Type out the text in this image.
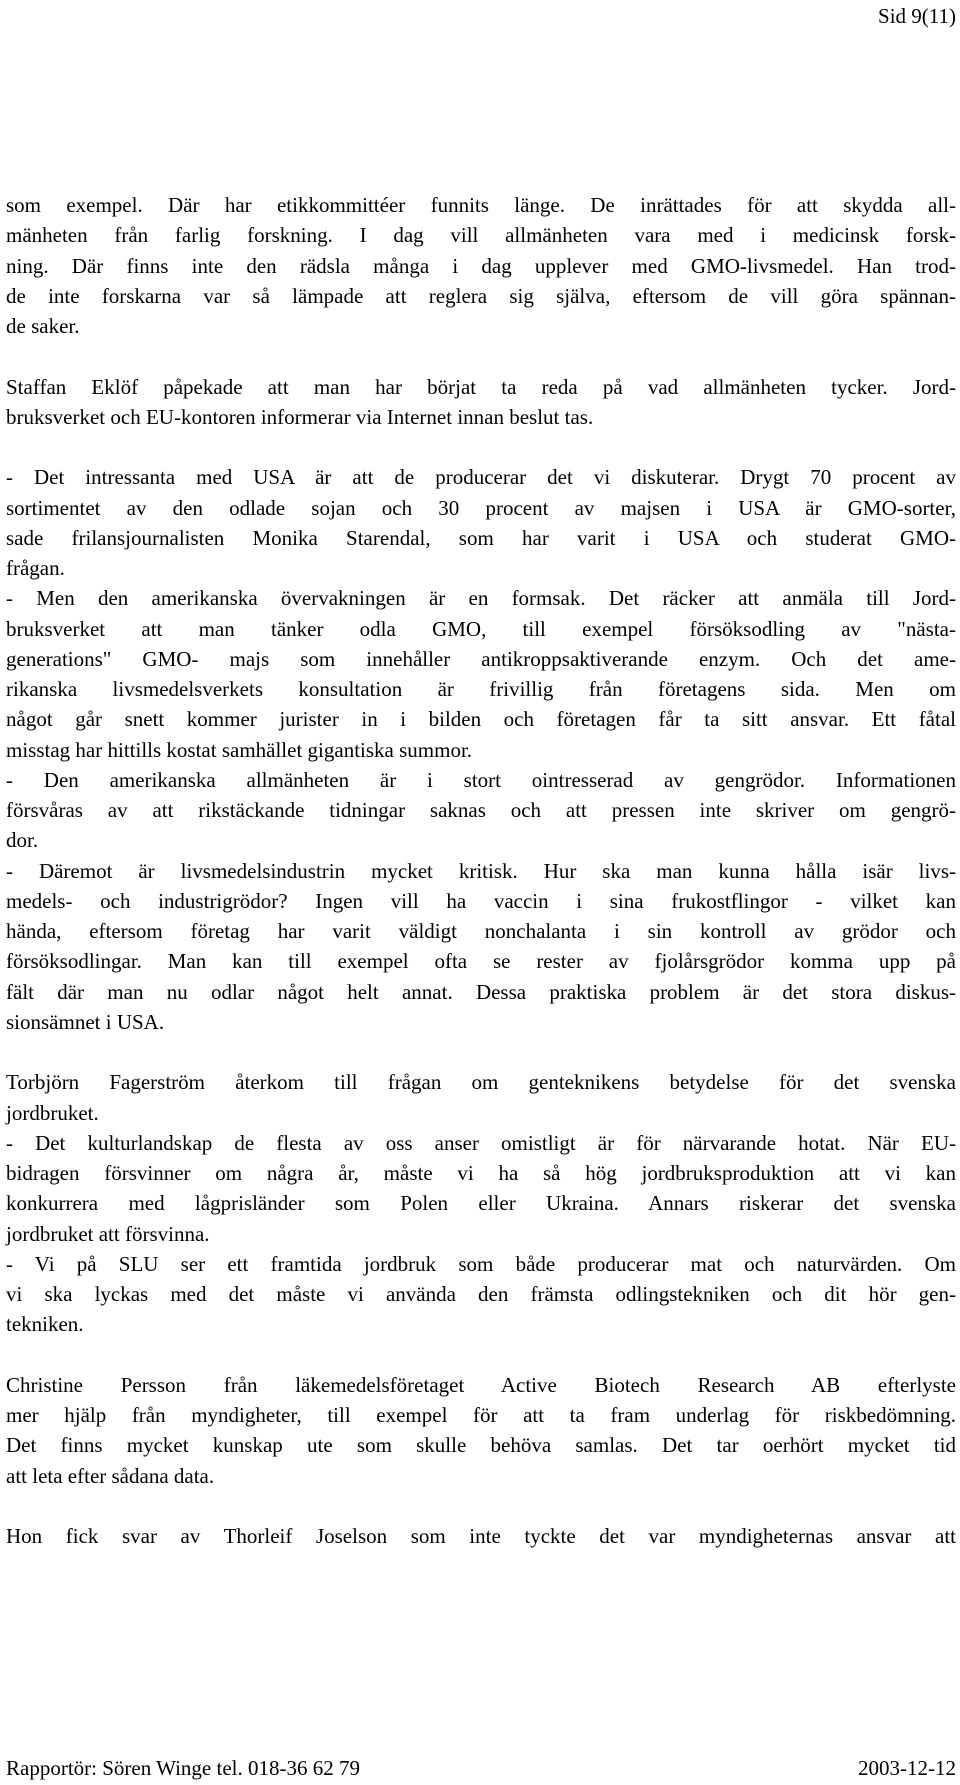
Sid 9(11)
som exempel. Där har etikkommittéer funnits länge. De inrättades för att skydda all-
mänheten från farlig forskning. I dag vill allmänheten vara med i medicinsk forsk-
ning. Där finns inte den rädsla många i dag upplever med GMO-livsmedel. Han trod-
de inte forskarna var så lämpade att reglera sig själva, eftersom de vill göra spännan-
de saker.
Staffan Eklöf påpekade att man har börjat ta reda på vad allmänheten tycker. Jord-
bruksverket och EU-kontoren informerar via Internet innan beslut tas.
- Det intressanta med USA är att de producerar det vi diskuterar. Drygt 70 procent av
sortimentet av den odlade sojan och 30 procent av majsen i USA är GMO-sorter,
sade frilansjournalisten Monika Starendal, som har varit i USA och studerat GMO-
frågan.
- Men den amerikanska övervakningen är en formsak. Det räcker att anmäla till Jord-
bruksverket att man tänker odla GMO, till exempel försöksodling av "nästa-
generations" GMO- majs som innehåller antikroppsaktiverande enzym. Och det ame-
rikanska livsmedelsverkets konsultation är frivillig från företagens sida. Men om
något går snett kommer jurister in i bilden och företagen får ta sitt ansvar. Ett fåtal
misstag har hittills kostat samhället gigantiska summor.
- Den amerikanska allmänheten är i stort ointresserad av gengrödor. Informationen
försvåras av att rikstäckande tidningar saknas och att pressen inte skriver om gengrö-
dor.
- Däremot är livsmedelsindustrin mycket kritisk. Hur ska man kunna hålla isär livs-
medels- och industrigrödor? Ingen vill ha vaccin i sina frukostflingor - vilket kan
hända, eftersom företag har varit väldigt nonchalanta i sin kontroll av grödor och
försöksodlingar. Man kan till exempel ofta se rester av fjolårsgrödor komma upp på
fält där man nu odlar något helt annat. Dessa praktiska problem är det stora diskus-
sionsämnet i USA.
Torbjörn Fagerström återkom till frågan om genteknikens betydelse för det svenska
jordbruket.
- Det kulturlandskap de flesta av oss anser omistligt är för närvarande hotat. När EU-
bidragen försvinner om några år, måste vi ha så hög jordbruksproduktion att vi kan
konkurrera med lågprisländer som Polen eller Ukraina. Annars riskerar det svenska
jordbruket att försvinna.
- Vi på SLU ser ett framtida jordbruk som både producerar mat och naturvärden. Om
vi ska lyckas med det måste vi använda den främsta odlingstekniken och dit hör gen-
tekniken.
Christine Persson från läkemedelsföretaget Active Biotech Research AB efterlyste
mer hjälp från myndigheter, till exempel för att ta fram underlag för riskbedömning.
Det finns mycket kunskap ute som skulle behöva samlas. Det tar oerhört mycket tid
att leta efter sådana data.
Hon fick svar av Thorleif Joselson som inte tyckte det var myndigheternas ansvar att
Rapportör: Sören Winge tel. 018-36 62 79	2003-12-12
